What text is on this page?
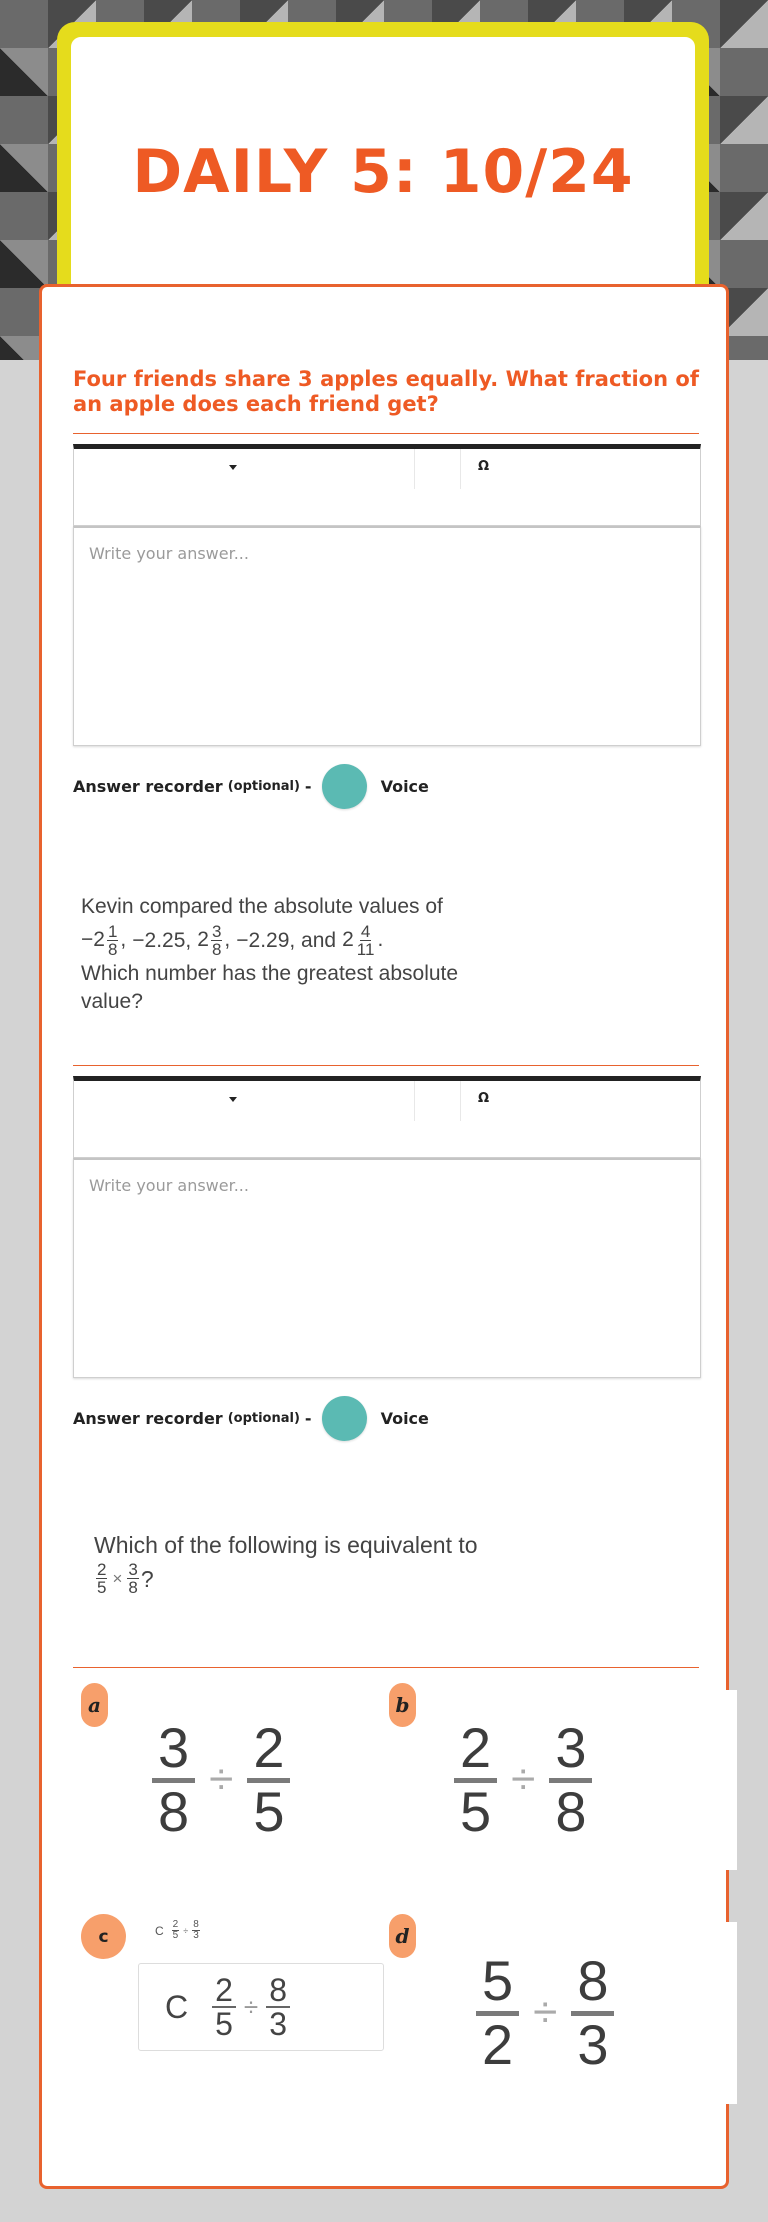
DAILY 5: 10/24
Four friends share 3 apples equally. What fraction of an apple does each friend get?
Ω
Write your answer...
Answer recorder (optional) -	Voice
Kevin compared the absolute values of
$-2 \frac{1}{8}$ , −2.25, $2 \frac{3}{8}$ , −2.29, and $2 \frac{4}{11}$ .
Which number has the greatest absolute
value?
Ω
Write your answer...
Answer recorder (optional) -	Voice
Which of the following is equivalent to
$\frac{2}{5} \times \frac{3}{8}$ ?
a
$\frac{3}{8} \div \frac{2}{5}$
b
$\frac{2}{5} \div \frac{3}{8}$
c	C $\frac{2}{5} \div \frac{8}{3}$
C $\frac{2}{5} \div \frac{8}{3}$
d
$\frac{5}{2} \div \frac{8}{3}$
